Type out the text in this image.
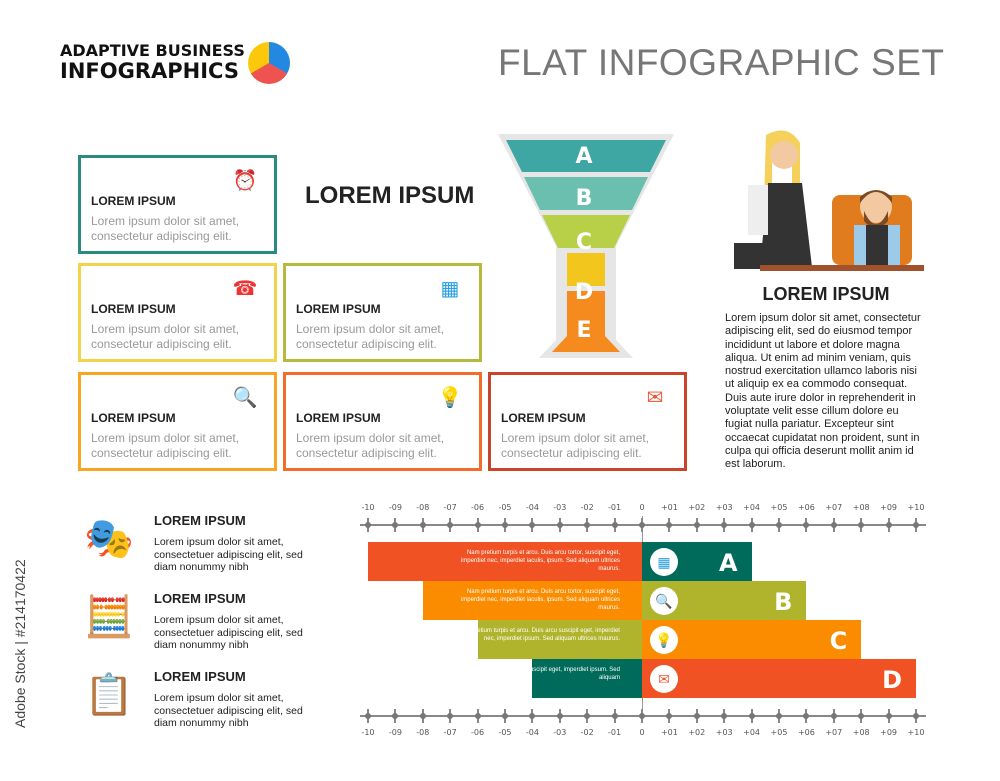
ADAPTIVE BUSINESS
INFOGRAPHICS	FLAT INFOGRAPHIC SET
Adobe Stock | #214170422
⏰
LOREM IPSUM

Lorem ipsum dolor sit amet, consectetur adipiscing elit.

☎
LOREM IPSUM

Lorem ipsum dolor sit amet, consectetur adipiscing elit.

▦
LOREM IPSUM

Lorem ipsum dolor sit amet, consectetur adipiscing elit.

🔍
LOREM IPSUM

Lorem ipsum dolor sit amet, consectetur adipiscing elit.

💡
LOREM IPSUM

Lorem ipsum dolor sit amet, consectetur adipiscing elit.

✉
LOREM IPSUM

Lorem ipsum dolor sit amet, consectetur adipiscing elit.

LOREM IPSUM
A
B
C
D
E
LOREM IPSUM

Lorem ipsum dolor sit amet, consectetur adipiscing elit, sed do eiusmod tempor incididunt ut labore et dolore magna aliqua. Ut enim ad minim veniam, quis nostrud exercitation ullamco laboris nisi ut aliquip ex ea commodo consequat. Duis aute irure dolor in reprehenderit in voluptate velit esse cillum dolore eu fugiat nulla pariatur. Excepteur sint occaecat cupidatat non proident, sunt in culpa qui officia deserunt mollit anim id est laborum.

🎭	LOREM IPSUM

Lorem ipsum dolor sit amet, consectetuer adipiscing elit, sed diam nonummy nibh

🧮	LOREM IPSUM

Lorem ipsum dolor sit amet, consectetuer adipiscing elit, sed diam nonummy nibh

📋	LOREM IPSUM

Lorem ipsum dolor sit amet, consectetuer adipiscing elit, sed diam nonummy nibh

-10	-09	-08	-07	-06	-05	-04	-03	-02	-01	0	+01	+02	+03	+04	+05	+06	+07	+08	+09	+10
-10	-09	-08	-07	-06	-05	-04	-03	-02	-01	0	+01	+02	+03	+04	+05	+06	+07	+08	+09	+10
Nam pretium turpis et arcu. Duis arcu tortor, suscipit eget, imperdiet nec, imperdiet iaculis, ipsum. Sed aliquam ultrices maurus.	▦	A
Nam pretium turpis et arcu. Duis arcu tortor, suscipit eget, imperdiet nec, imperdiet iaculis, ipsum. Sed aliquam ultrices maurus.	🔍	B
Nam pretium turpis et arcu. Duis arcu suscipit eget, imperdiet nec, imperdiet ipsum. Sed aliquam ultrices maurus.	💡	C
Nam pretium turpis et suscipit eget, imperdiet ipsum. Sed aliquam	✉	D
